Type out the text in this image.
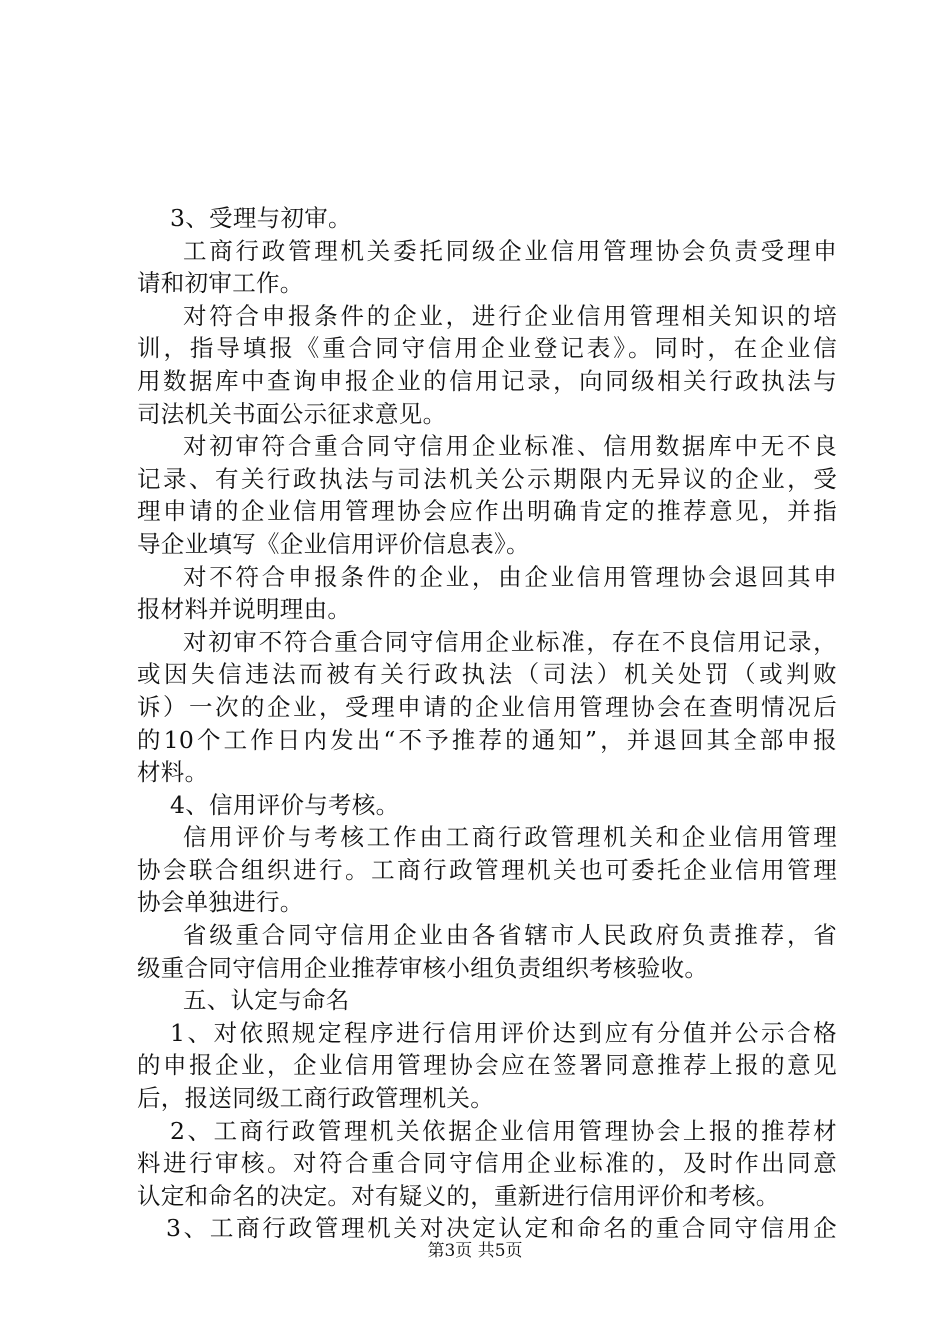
3、受理与初审。
工商行政管理机关委托同级企业信用管理协会负责受理申
请和初审工作。
对符合申报条件的企业，进行企业信用管理相关知识的培
训，指导填报《重合同守信用企业登记表》。同时，在企业信
用数据库中查询申报企业的信用记录，向同级相关行政执法与
司法机关书面公示征求意见。
对初审符合重合同守信用企业标准、信用数据库中无不良
记录、有关行政执法与司法机关公示期限内无异议的企业，受
理申请的企业信用管理协会应作出明确肯定的推荐意见，并指
导企业填写《企业信用评价信息表》。
对不符合申报条件的企业，由企业信用管理协会退回其申
报材料并说明理由。
对初审不符合重合同守信用企业标准，存在不良信用记录，
或因失信违法而被有关行政执法（司法）机关处罚（或判败
诉）一次的企业，受理申请的企业信用管理协会在查明情况后
的10个工作日内发出“不予推荐的通知”，并退回其全部申报
材料。
4、信用评价与考核。
信用评价与考核工作由工商行政管理机关和企业信用管理
协会联合组织进行。工商行政管理机关也可委托企业信用管理
协会单独进行。
省级重合同守信用企业由各省辖市人民政府负责推荐，省
级重合同守信用企业推荐审核小组负责组织考核验收。
五、认定与命名
1、对依照规定程序进行信用评价达到应有分值并公示合格
的申报企业，企业信用管理协会应在签署同意推荐上报的意见
后，报送同级工商行政管理机关。
2、工商行政管理机关依据企业信用管理协会上报的推荐材
料进行审核。对符合重合同守信用企业标准的，及时作出同意
认定和命名的决定。对有疑义的，重新进行信用评价和考核。
3、工商行政管理机关对决定认定和命名的重合同守信用企
第3页 共5页
